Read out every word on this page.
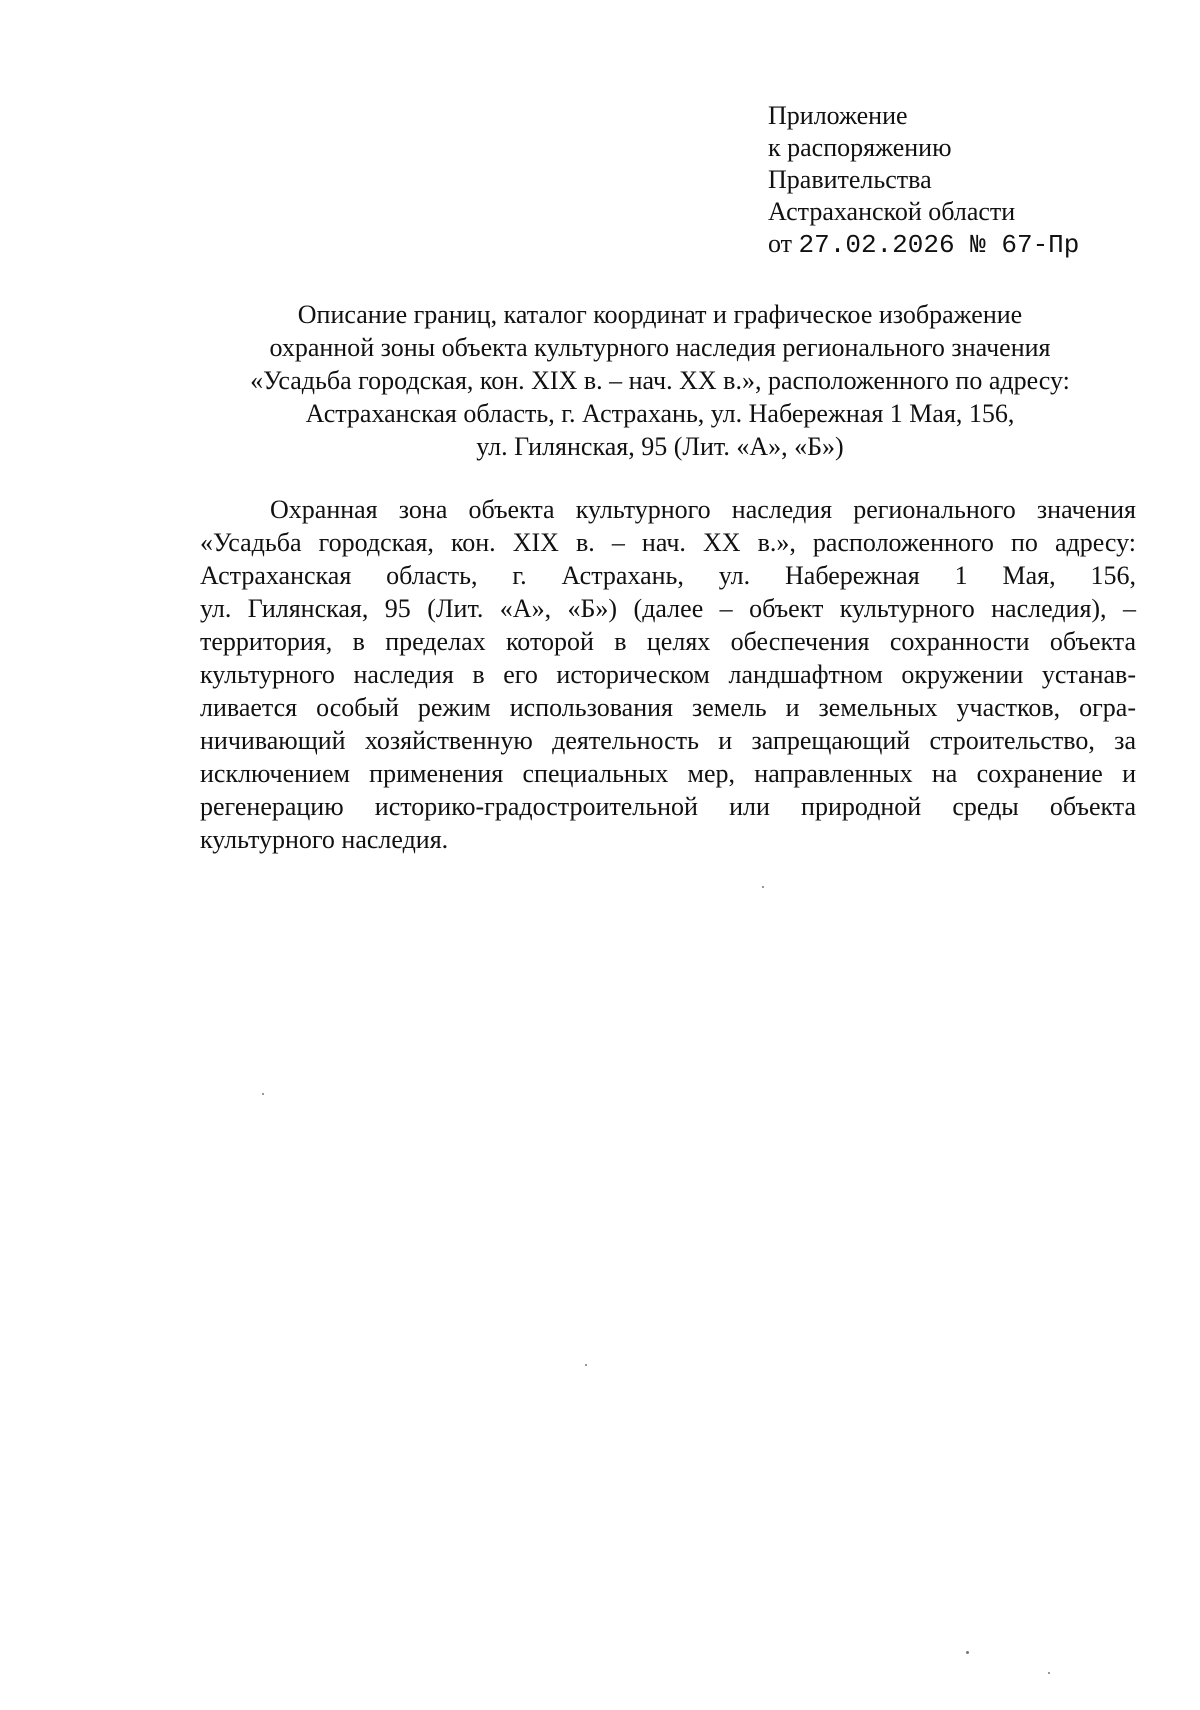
Приложение
к распоряжению
Правительства
Астраханской области
от 27.02.2026 № 67-Пр
Описание границ, каталог координат и графическое изображение
охранной зоны объекта культурного наследия регионального значения
«Усадьба городская, кон. XIX в. – нач. XX в.», расположенного по адресу:
Астраханская область, г. Астрахань, ул. Набережная 1 Мая, 156,
ул. Гилянская, 95 (Лит. «А», «Б»)
Охранная зона объекта культурного наследия регионального значения
«Усадьба городская, кон. XIX в. – нач. XX в.», расположенного по адресу:
Астраханская область, г. Астрахань, ул. Набережная 1 Мая, 156,
ул. Гилянская, 95 (Лит. «А», «Б») (далее – объект культурного наследия), –
территория, в пределах которой в целях обеспечения сохранности объекта
культурного наследия в его историческом ландшафтном окружении устанав-
ливается особый режим использования земель и земельных участков, огра-
ничивающий хозяйственную деятельность и запрещающий строительство, за
исключением применения специальных мер, направленных на сохранение и
регенерацию историко-градостроительной или природной среды объекта
культурного наследия.
